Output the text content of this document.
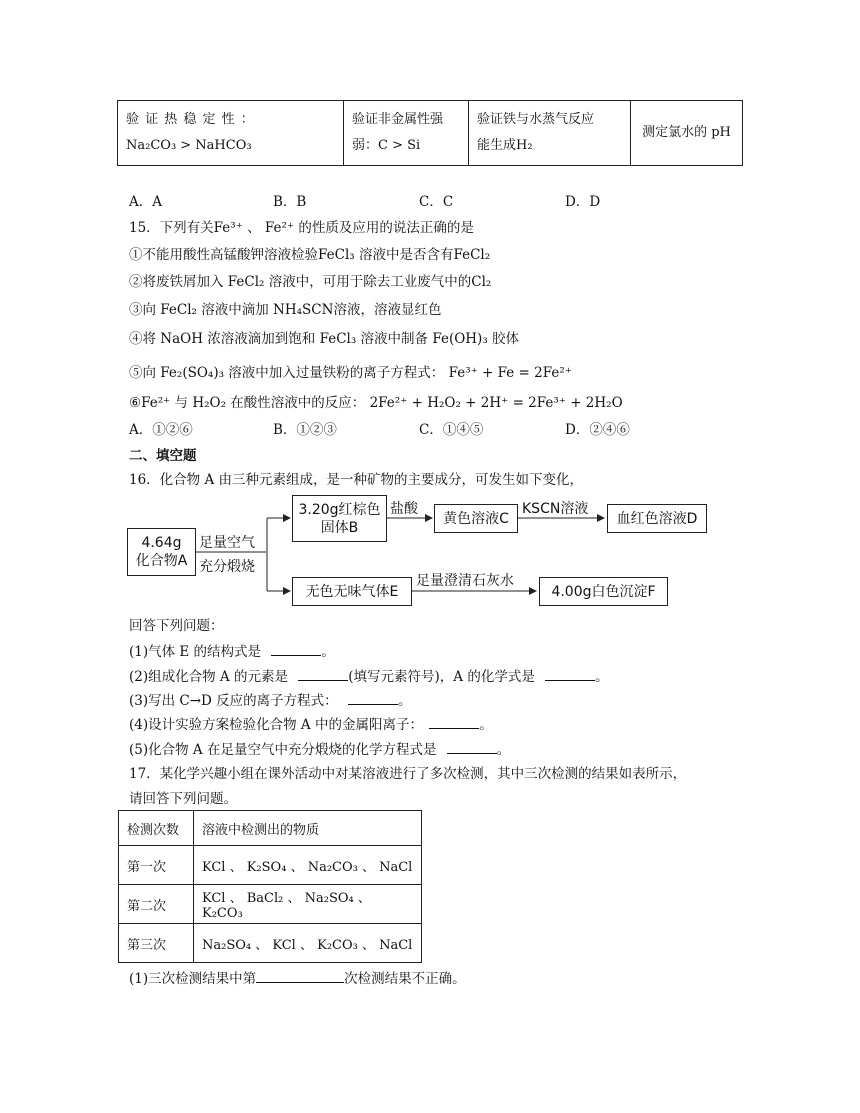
验 证 热 稳 定 性 ：
Na₂CO₃ > NaHCO₃

验证非金属性强
弱：C > Si

验证铁与水蒸气反应
能生成H₂
	测定氯水的 pH
A．A	B．B	C．C	D．D
15．下列有关Fe³⁺ 、 Fe²⁺ 的性质及应用的说法正确的是
①不能用酸性高锰酸钾溶液检验FeCl₃ 溶液中是否含有FeCl₂
②将废铁屑加入 FeCl₂ 溶液中，可用于除去工业废气中的Cl₂
③向 FeCl₂ 溶液中滴加 NH₄SCN溶液，溶液显红色
④将 NaOH 浓溶液滴加到饱和 FeCl₃ 溶液中制备 Fe(OH)₃ 胶体
⑤向 Fe₂(SO₄)₃ 溶液中加入过量铁粉的离子方程式： Fe³⁺ + Fe = 2Fe²⁺
⑥Fe²⁺ 与 H₂O₂ 在酸性溶液中的反应： 2Fe²⁺ + H₂O₂ + 2H⁺ = 2Fe³⁺ + 2H₂O
A．①②⑥	B．①②③	C．①④⑤	D．②④⑥
二、填空题
16．化合物 A 由三种元素组成，是一种矿物的主要成分，可发生如下变化，
4.64g
化合物A
足量空气
充分煅烧
3.20g红棕色
固体B
盐酸
黄色溶液C
KSCN溶液
血红色溶液D
无色无味气体E
足量澄清石灰水
4.00g白色沉淀F
回答下列问题：
(1)气体 E 的结构式是	。
(2)组成化合物 A 的元素是	(填写元素符号)，A 的化学式是	。
(3)写出 C→D 反应的离子方程式：	。
(4)设计实验方案检验化合物 A 中的金属阳离子：	。
(5)化合物 A 在足量空气中充分煅烧的化学方程式是	。
17．某化学兴趣小组在课外活动中对某溶液进行了多次检测，其中三次检测的结果如表所示，
请回答下列问题。
检测次数	溶液中检测出的物质
第一次	KCl 、 K₂SO₄ 、 Na₂CO₃ 、 NaCl
第二次	KCl 、 BaCl₂ 、 Na₂SO₄ 、 K₂CO₃
第三次	Na₂SO₄ 、 KCl 、 K₂CO₃ 、 NaCl
(1)三次检测结果中第	次检测结果不正确。
